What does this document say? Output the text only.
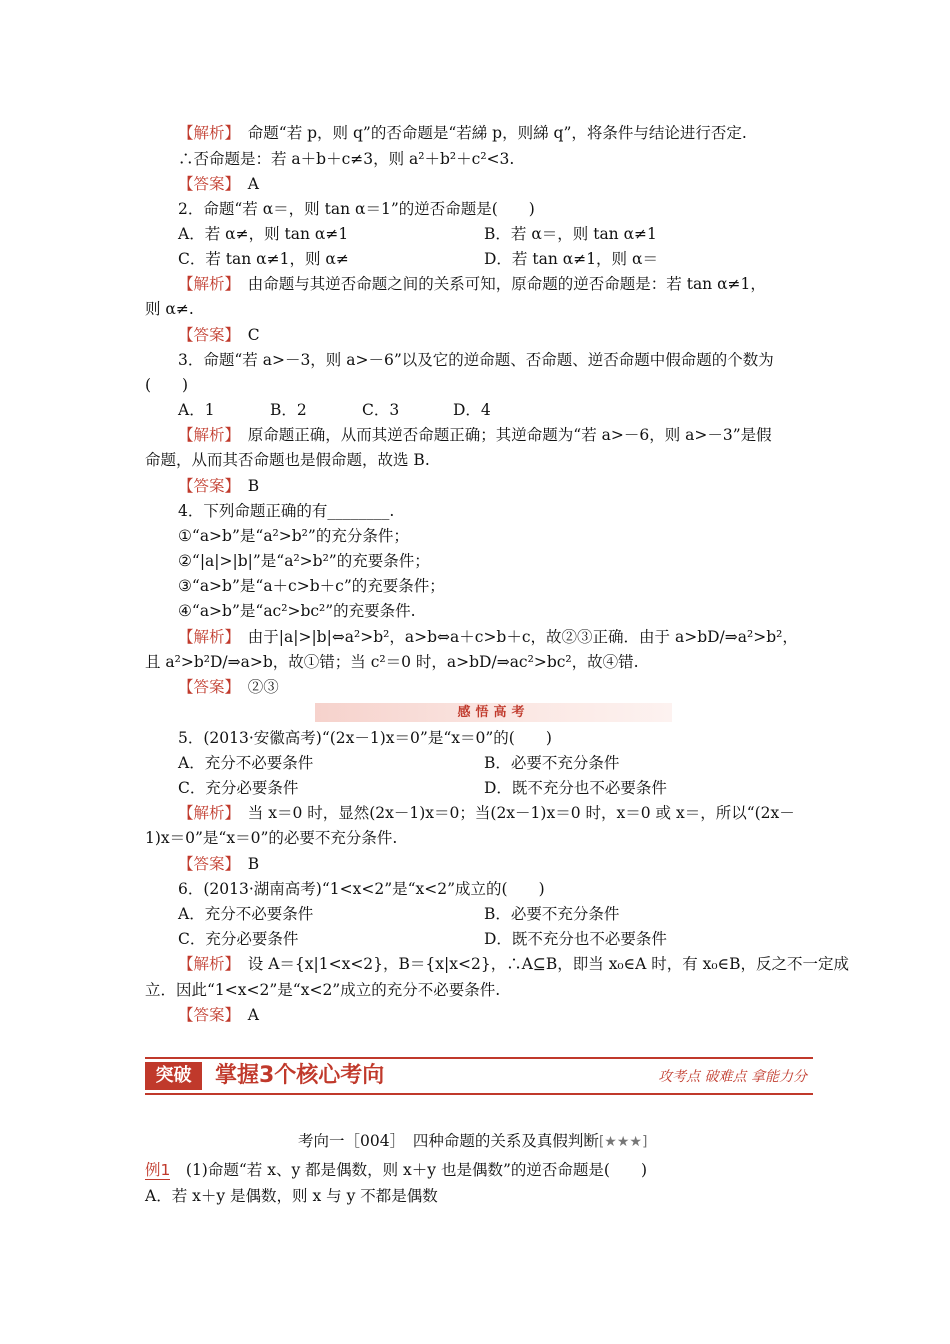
【解析】　 命题“若 p，则 q”的否命题是“若綈 p，则綈 q”，将条件与结论进行否定.
∴否命题是：若 a＋b＋c≠3，则 a²＋b²＋c²<3.
【答案】　 A
2．命题“若 α＝，则 tan α＝1”的逆否命题是(　　)
A．若 α≠，则 tan α≠1	B．若 α＝，则 tan α≠1
C．若 tan α≠1，则 α≠	D．若 tan α≠1，则 α＝
【解析】　 由命题与其逆否命题之间的关系可知，原命题的逆否命题是：若 tan α≠1，
则 α≠.
【答案】　 C
3．命题“若 a>－3，则 a>－6”以及它的逆命题、否命题、逆否命题中假命题的个数为
(　　)
A．1	B．2	C．3	D．4
【解析】　 原命题正确，从而其逆否命题正确；其逆命题为“若 a>－6，则 a>－3”是假
命题，从而其否命题也是假命题，故选 B.
【答案】　 B
4．下列命题正确的有________.
①“a>b”是“a²>b²”的充分条件；
②“|a|>|b|”是“a²>b²”的充要条件；
③“a>b”是“a＋c>b＋c”的充要条件；
④“a>b”是“ac²>bc²”的充要条件.
【解析】　 由于|a|>|b|⇔a²>b²，a>b⇔a＋c>b＋c，故②③正确．由于 a>bD/⇒a²>b²，
且 a²>b²D/⇒a>b，故①错；当 c²＝0 时，a>bD/⇒ac²>bc²，故④错.
【答案】　 ②③
感悟高考
5．(2013·安徽高考)“(2x－1)x＝0”是“x＝0”的(　　)
A．充分不必要条件	B．必要不充分条件
C．充分必要条件	D．既不充分也不必要条件
【解析】　 当 x＝0 时，显然(2x－1)x＝0；当(2x－1)x＝0 时，x＝0 或 x＝，所以“(2x－
1)x＝0”是“x＝0”的必要不充分条件.
【答案】　 B
6．(2013·湖南高考)“1<x<2”是“x<2”成立的(　　)
A．充分不必要条件	B．必要不充分条件
C．充分必要条件	D．既不充分也不必要条件
【解析】　 设 A＝{x|1<x<2}，B＝{x|x<2}，∴A⊆B，即当 x₀∈A 时，有 x₀∈B，反之不一定成
立．因此“1<x<2”是“x<2”成立的充分不必要条件.
【答案】　 A
突破	掌握3个核心考向	攻考点 破难点 拿能力分
考向一［004］　四种命题的关系及真假判断[★★★]
例1　 (1)命题“若 x、y 都是偶数，则 x＋y 也是偶数”的逆否命题是(　　)
A．若 x＋y 是偶数，则 x 与 y 不都是偶数
